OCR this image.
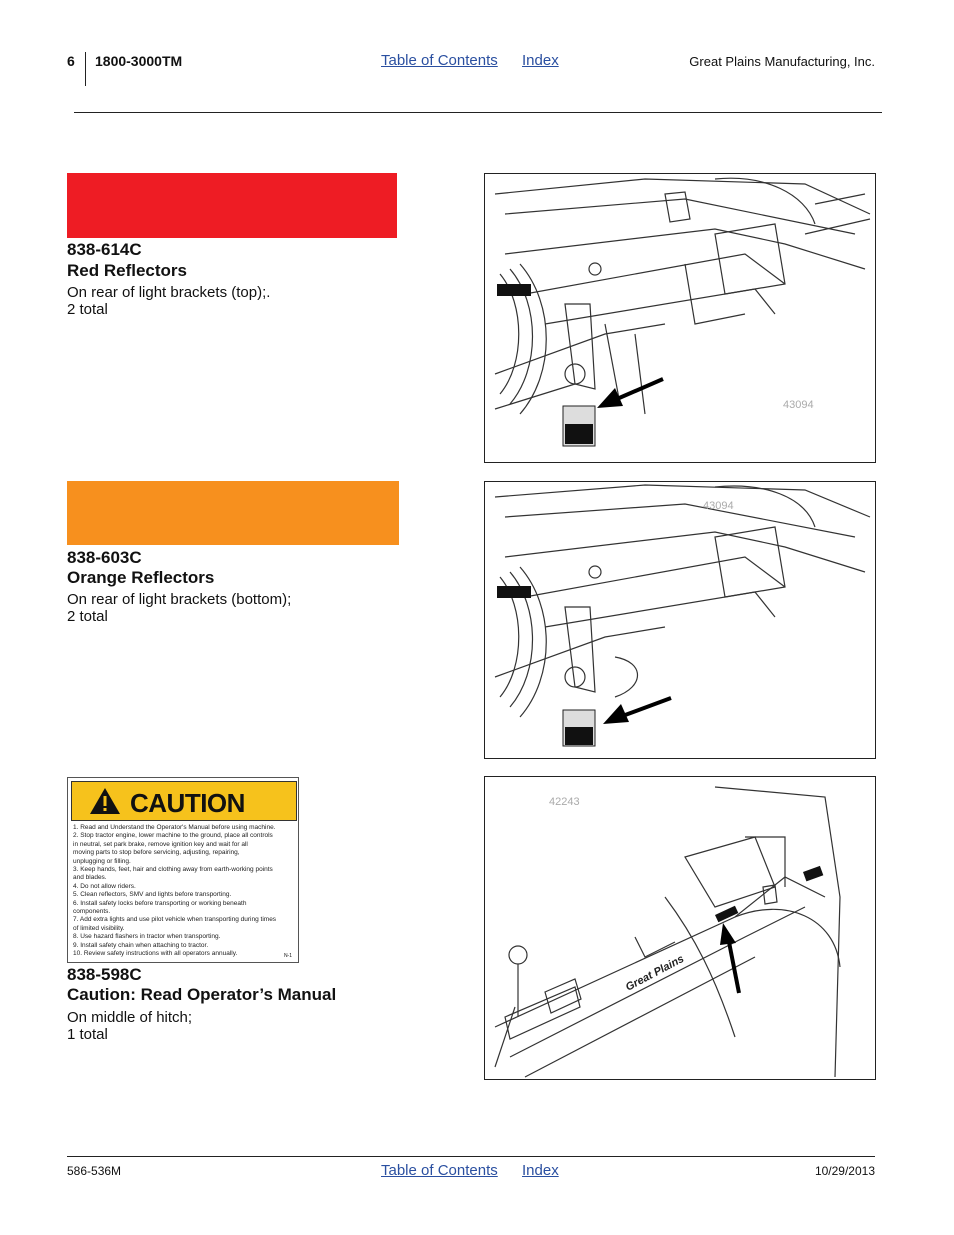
6 1800-3000TM	Table of Contents Index	Great Plains Manufacturing, Inc.
838-614C
Red Reflectors
On rear of light brackets (top);.
2 total
43094
838-603C
Orange Reflectors
On rear of light brackets (bottom);
2 total
43094
CAUTION
1. Read and Understand the Operator's Manual before using machine.
2. Stop tractor engine, lower machine to the ground, place all controls
in neutral, set park brake, remove ignition key and wait for all
moving parts to stop before servicing, adjusting, repairing,
unplugging or filling.
3. Keep hands, feet, hair and clothing away from earth-working points
and blades.
4. Do not allow riders.
5. Clean reflectors, SMV and lights before transporting.
6. Install safety locks before transporting or working beneath
components.
7. Add extra lights and use pilot vehicle when transporting during times
of limited visibility.
8. Use hazard flashers in tractor when transporting.
9. Install safety chain when attaching to tractor.
10. Review safety instructions with all operators annually.	N-1
838-598C
Caution: Read Operator’s Manual
On middle of hitch;
1 total
Great Plains
42243
586-536M	Table of Contents Index	10/29/2013
